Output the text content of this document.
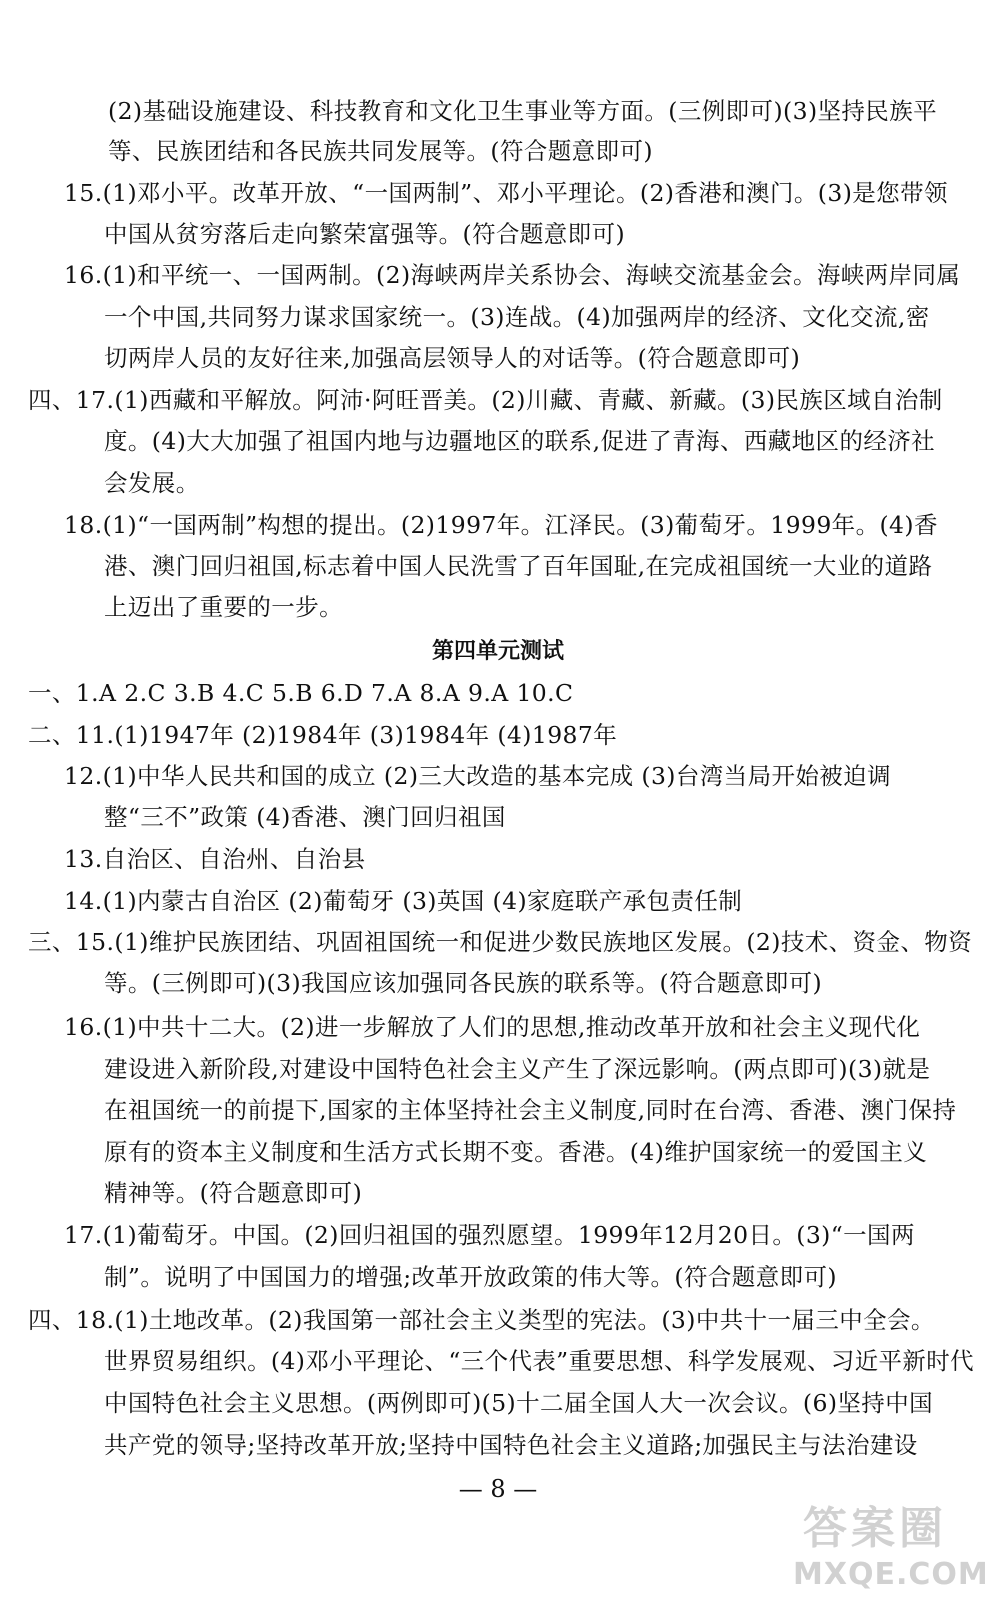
(2)基础设施建设、科技教育和文化卫生事业等方面。(三例即可)(3)坚持民族平
等、民族团结和各民族共同发展等。(符合题意即可)
15.(1)邓小平。改革开放、“一国两制”、邓小平理论。(2)香港和澳门。(3)是您带领
中国从贫穷落后走向繁荣富强等。(符合题意即可)
16.(1)和平统一、一国两制。(2)海峡两岸关系协会、海峡交流基金会。海峡两岸同属
一个中国,共同努力谋求国家统一。(3)连战。(4)加强两岸的经济、文化交流,密
切两岸人员的友好往来,加强高层领导人的对话等。(符合题意即可)
四、17.(1)西藏和平解放。阿沛·阿旺晋美。(2)川藏、青藏、新藏。(3)民族区域自治制
度。(4)大大加强了祖国内地与边疆地区的联系,促进了青海、西藏地区的经济社
会发展。
18.(1)“一国两制”构想的提出。(2)1997年。江泽民。(3)葡萄牙。1999年。(4)香
港、澳门回归祖国,标志着中国人民洗雪了百年国耻,在完成祖国统一大业的道路
上迈出了重要的一步。
第四单元测试
一、1.A 2.C 3.B 4.C 5.B 6.D 7.A 8.A 9.A 10.C
二、11.(1)1947年 (2)1984年 (3)1984年 (4)1987年
12.(1)中华人民共和国的成立 (2)三大改造的基本完成 (3)台湾当局开始被迫调
整“三不”政策 (4)香港、澳门回归祖国
13.自治区、自治州、自治县
14.(1)内蒙古自治区 (2)葡萄牙 (3)英国 (4)家庭联产承包责任制
三、15.(1)维护民族团结、巩固祖国统一和促进少数民族地区发展。(2)技术、资金、物资
等。(三例即可)(3)我国应该加强同各民族的联系等。(符合题意即可)
16.(1)中共十二大。(2)进一步解放了人们的思想,推动改革开放和社会主义现代化
建设进入新阶段,对建设中国特色社会主义产生了深远影响。(两点即可)(3)就是
在祖国统一的前提下,国家的主体坚持社会主义制度,同时在台湾、香港、澳门保持
原有的资本主义制度和生活方式长期不变。香港。(4)维护国家统一的爱国主义
精神等。(符合题意即可)
17.(1)葡萄牙。中国。(2)回归祖国的强烈愿望。1999年12月20日。(3)“一国两
制”。说明了中国国力的增强;改革开放政策的伟大等。(符合题意即可)
四、18.(1)土地改革。(2)我国第一部社会主义类型的宪法。(3)中共十一届三中全会。
世界贸易组织。(4)邓小平理论、“三个代表”重要思想、科学发展观、习近平新时代
中国特色社会主义思想。(两例即可)(5)十二届全国人大一次会议。(6)坚持中国
共产党的领导;坚持改革开放;坚持中国特色社会主义道路;加强民主与法治建设
— 8 —
答案圈
MXQE.COM
